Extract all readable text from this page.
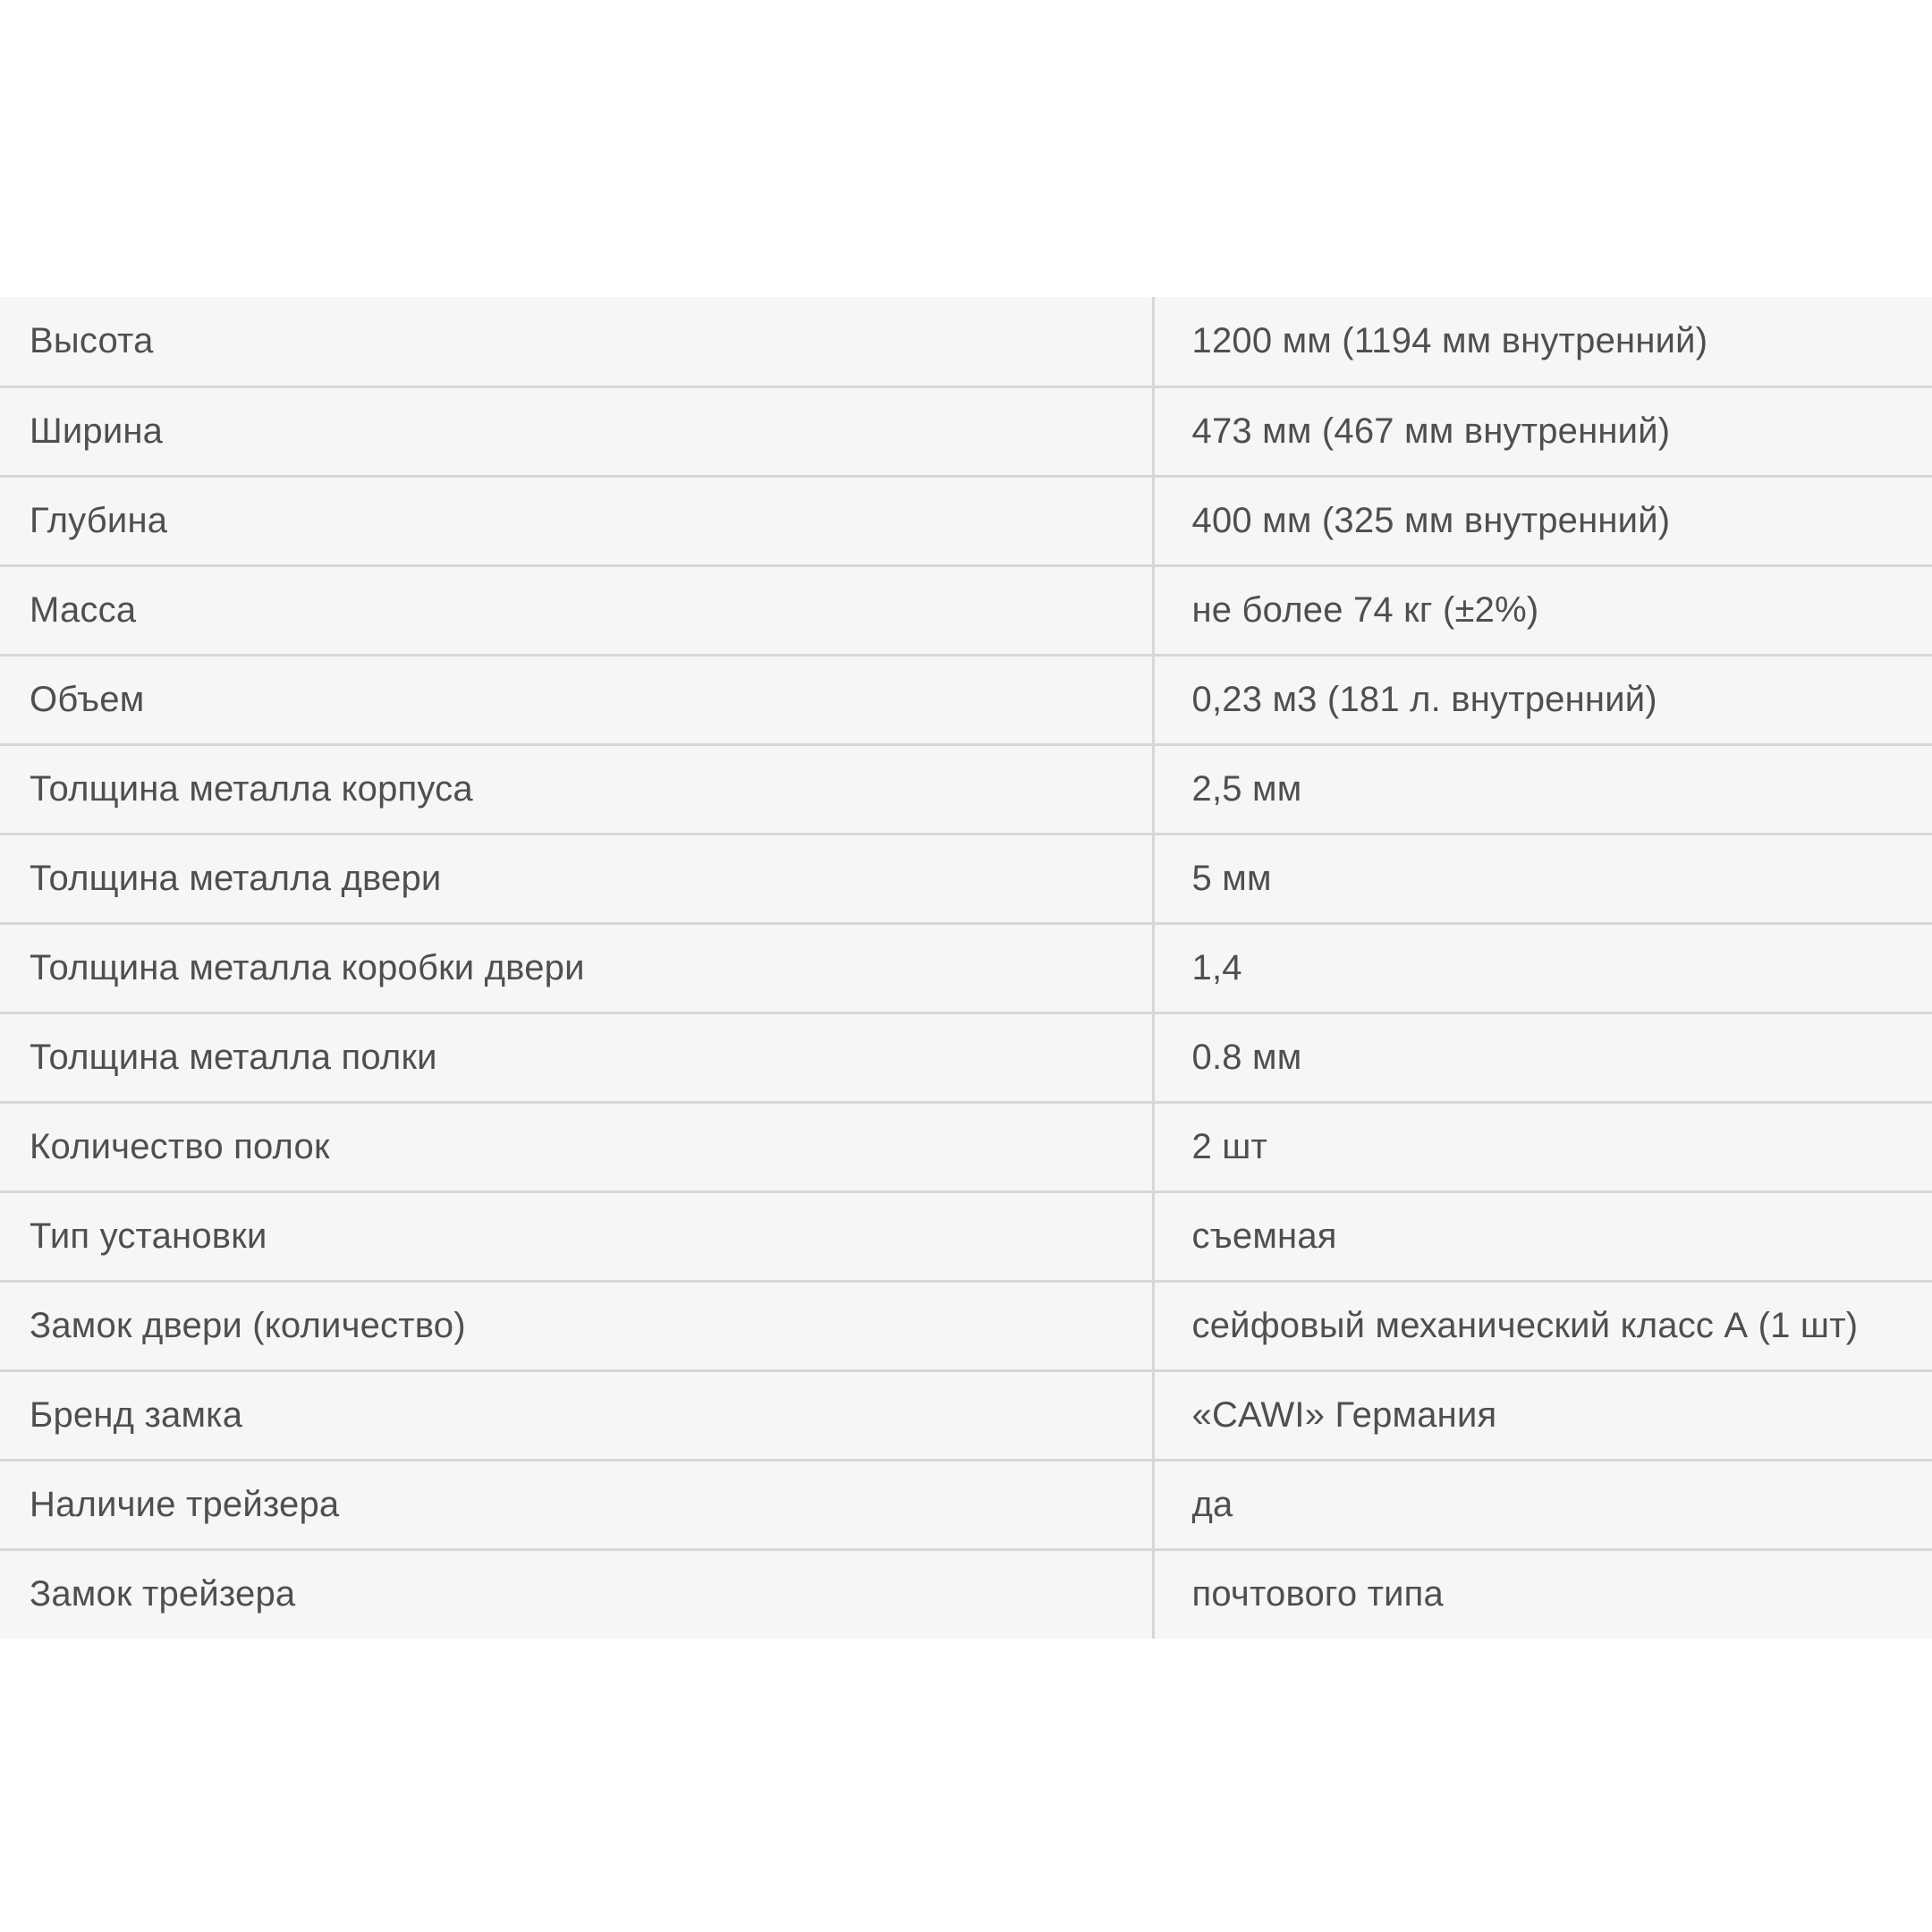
Высота	1200 мм (1194 мм внутренний)
Ширина	473 мм (467 мм внутренний)
Глубина	400 мм (325 мм внутренний)
Масса	не более 74 кг (±2%)
Объем	0,23 м3 (181 л. внутренний)
Толщина металла корпуса	2,5 мм
Толщина металла двери	5 мм
Толщина металла коробки двери	1,4
Толщина металла полки	0.8 мм
Количество полок	2 шт
Тип установки	съемная
Замок двери (количество)	сейфовый механический класс А (1 шт)
Бренд замка	«CAWI» Германия
Наличие трейзера	да
Замок трейзера	почтового типа
